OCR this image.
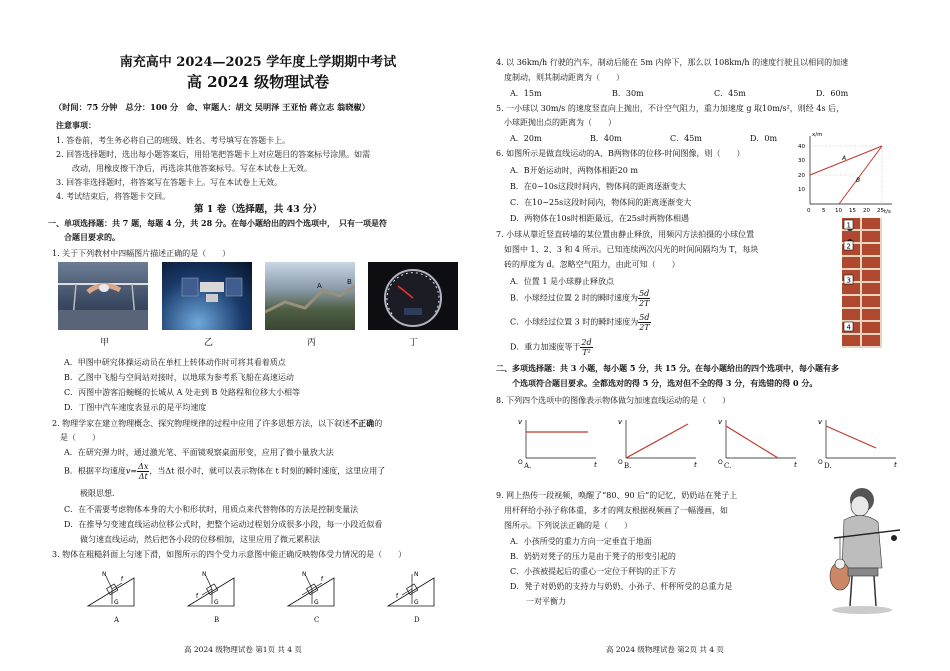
南充高中 2024—2025 学年度上学期期中考试
高 2024 级物理试卷
（时间：75 分钟　总分：100 分　命、审题人：胡文 吴明泽 王亚怡 蒋立志 翁晓椒）
注意事项：
1. 答卷前，考生务必将自己的班级、姓名、考号填写在答题卡上。
2. 回答选择题时，选出每小题答案后，用铅笔把答题卡上对应题目的答案标号涂黑。如需
　　改动，用橡皮擦干净后，再选涂其他答案标号。写在本试卷上无效。
3. 回答非选择题时，将答案写在答题卡上。写在本试卷上无效。
4. 考试结束后，将答题卡交回。
第 1 卷（选择题，共 43 分）
一、单项选择题：共 7 题，每题 4 分，共 28 分。在每小题给出的四个选项中，　只有一项是符
　　合题目要求的。
1. 关于下列教材中四幅图片描述正确的是（　　）
A	B
甲	乙	丙	丁
A．甲图中研究体操运动员在单杠上转体动作时可将其看着质点
B．乙图中飞船与空间站对接时，以地球为参考系飞船在高速运动
C．丙图中游客沿蜿蜒的长城从 A 处走到 B 处路程和位移大小相等
D．丁图中汽车速度表显示的是平均速度
2. 物理学家在建立物理概念、探究物理规律的过程中应用了许多思想方法，以下叙述不正确的
　是（　　）
A．在研究弹力时，通过激光笔、平面镜观察桌面形变，应用了微小量放大法
B．根据平均速度$v= \frac{\Delta x}{\Delta t}$ ，当Δt 很小时，就可以表示物体在 t 时刻的瞬时速度，这里应用了
　　极限思想.
C．在不需要考虑物体本身的大小和形状时，用质点来代替物体的方法是控制变量法
D．在推导匀变速直线运动位移公式时，把整个运动过程划分成很多小段，每一小段近似看
　　做匀速直线运动，然后把各小段的位移相加，这里应用了微元累积法
3. 物体在粗糙斜面上匀速下滑，如图所示的四个受力示意图中能正确反映物体受力情况的是（　　）
N
f
G
N
f
G
N
f
G
N
f
G
A	B	C	D
高 2024 级物理试卷 第1页 共 4 页
4. 以 36km/h 行驶的汽车，制动后能在 5m 内停下，那么以 108km/h 的速度行驶且以相同的加速
　度制动，则其制动距离为（　　）
A．15m	B．30m	C．45m	D．60m
5. 一小球以 30m/s 的速度竖直向上抛出，不计空气阻力，重力加速度 g 取10m/s²，则经 4s 后，
　小球距抛出点的距离为（　　）
A．20m	B．40m	C．45m	D．0m
6. 如图所示是做直线运动的A、B两物体的位移-时间图像，则（　　）
A．B开始运动时，两物体相距20 m
B．在0~10s这段时间内，物体间的距离逐渐变大
C．在10~25s这段时间内，物体间的距离逐渐变大
D．两物体在10s时相距最远，在25s时两物体相遇
x/m
t/s
40
30
20
10
0 5 10 15 20 25
A
B
7. 小球从靠近竖直砖墙的某位置由静止释放，用频闪方法拍摄的小球位置
　如图中 1、2、3 和 4 所示。已知连续两次闪光的时间间隔均为 T，每块
　砖的厚度为 d。忽略空气阻力，由此可知（　　）
A．位置 1 是小球静止释放点
B．小球经过位置 2 时的瞬时速度为 $\frac{5d}{2T}$
C．小球经过位置 3 时的瞬时速度为 $\frac{5d}{2T}$
D．重力加速度等于 $\frac{2d}{\text{T²}}$
1
2
3
4
二、多项选择题：共 3 小题，每小题 5 分，共 15 分。在每小题给出的四个选项中，每小题有多
　　个选项符合题目要求。全都选对的得 5 分，选对但不全的得 3 分，有选错的得 0 分。
8. 下列四个选项中的图像表示物体做匀加速直线运动的是（　　）
v
t
O
v
t
O
v
t
O
v
t
O
A.	B.	C.	D.
9. 网上热传一段视频，唤醒了“80、90 后”的记忆，奶奶站在凳子上
　用杆秤给小孙子称体重，多才的网友根据视频画了一幅漫画，如
　图所示。下列说法正确的是（　　）
A．小孩所受的重力方向一定垂直于地面
B．奶奶对凳子的压力是由于凳子的形变引起的
C．小孩被提起后的重心一定位于秤钩的正下方
D．凳子对奶奶的支持力与奶奶、小孙子、杆秤所受的总重力是
　　一对平衡力
高 2024 级物理试卷 第2页 共 4 页
